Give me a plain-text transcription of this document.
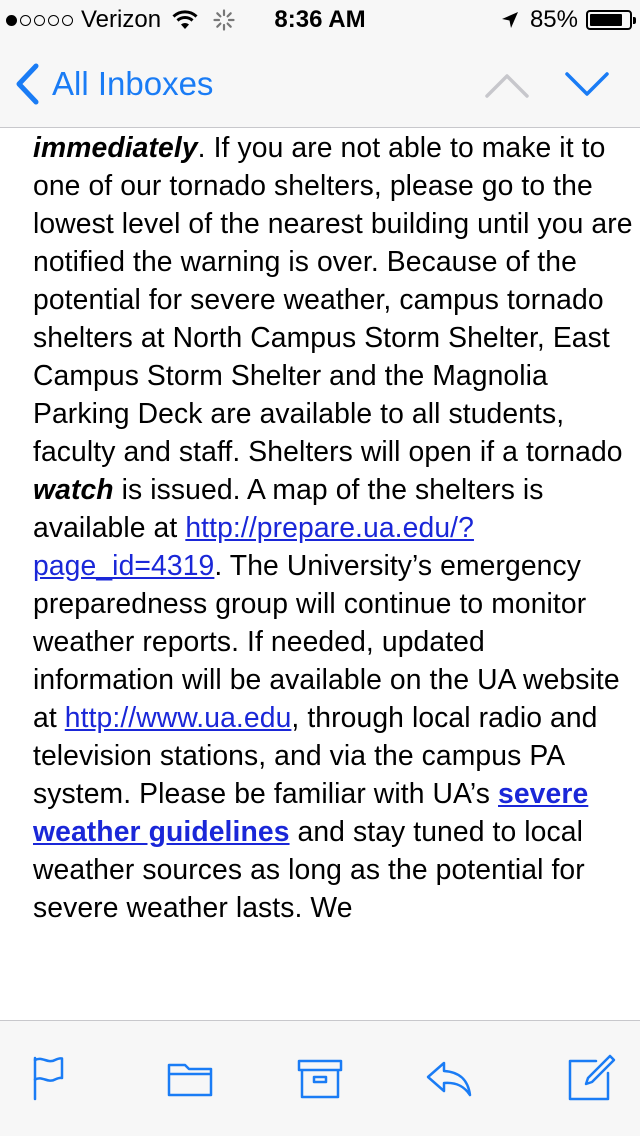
Verizon	8:36 AM	85%
All Inboxes

immediately. If you are not able to make it to one of our tornado shelters, please go to the lowest level of the nearest building until you are notified the warning is over. Because of the potential for severe weather, campus tornado shelters at North Campus Storm Shelter, East Campus Storm Shelter and the Magnolia Parking Deck are available to all students, faculty and staff. Shelters will open if a tornado watch is issued. A map of the shelters is available at http://prepare.ua.edu/?page_id=4319. The University’s emergency preparedness group will continue to monitor weather reports. If needed, updated information will be available on the UA website at http://www.ua.edu, through local radio and television stations, and via the campus PA system. Please be familiar with UA’s severe weather guidelines and stay tuned to local weather sources as long as the potential for severe weather lasts. We
